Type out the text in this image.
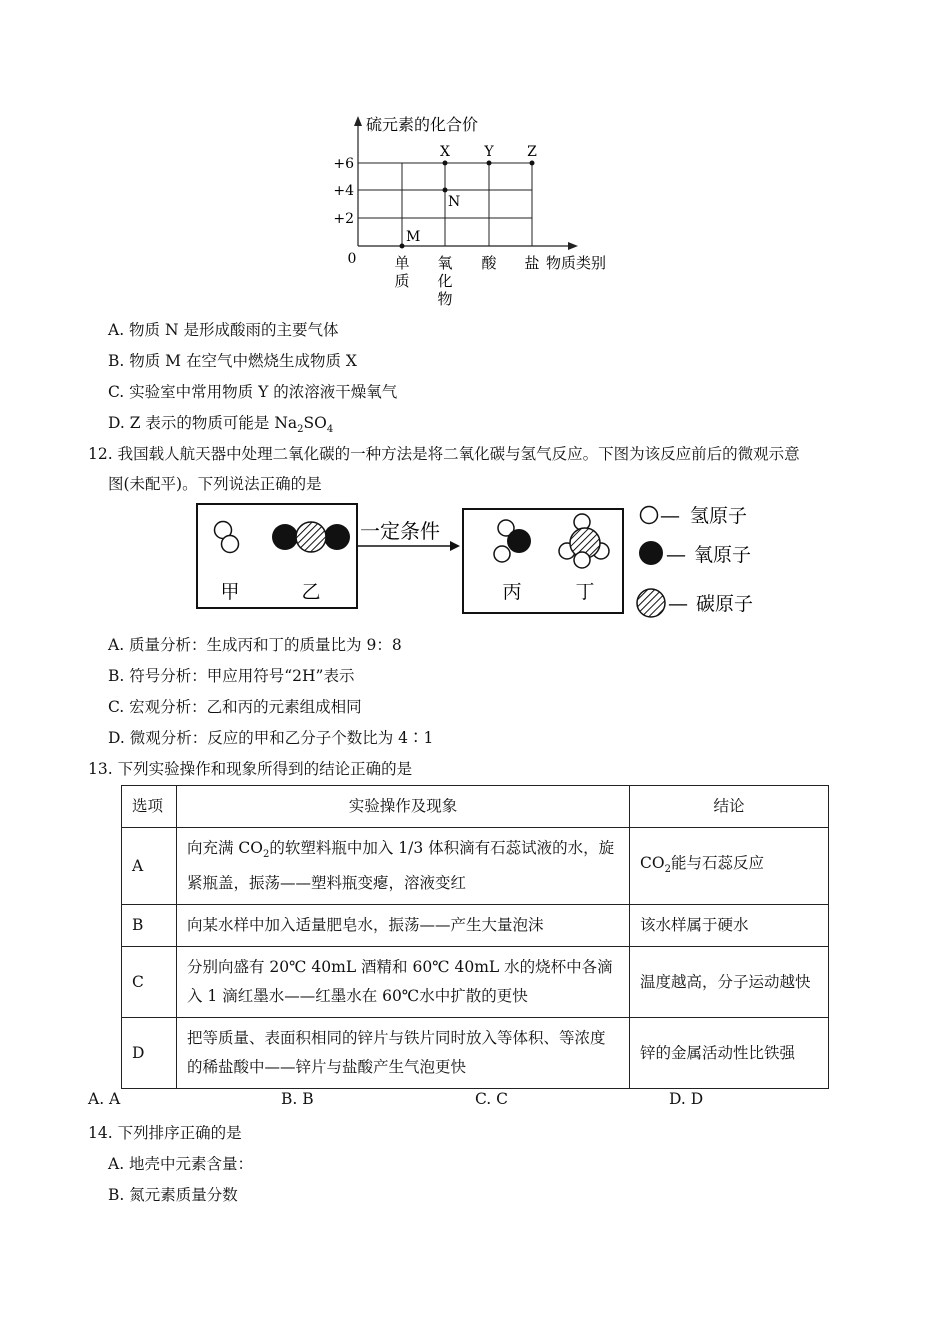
硫元素的化合价
+6
+4
+2
0	单
质
氧
化
物
酸 盐 物质类别
M
N
X Y Z
A. 物质 N 是形成酸雨的主要气体
B. 物质 M 在空气中燃烧生成物质 X
C. 实验室中常用物质 Y 的浓溶液干燥氧气
D. Z 表示的物质可能是 $Na_2SO_4$
12. 我国载人航天器中处理二氧化碳的一种方法是将二氧化碳与氢气反应。下图为该反应前后的微观示意
图(未配平)。下列说法正确的是
甲	乙
一定条件
丙	丁
— 氢原子
— 氧原子
— 碳原子
A. 质量分析：生成丙和丁的质量比为 9：8
B. 符号分析：甲应用符号“2H”表示
C. 宏观分析：乙和丙的元素组成相同
D. 微观分析：反应的甲和乙分子个数比为 4∶1
13. 下列实验操作和现象所得到的结论正确的是
选项	实验操作及现象	结论
A	向充满 $CO_2$的软塑料瓶中加入 1/3 体积滴有石蕊试液的水，旋紧瓶盖，振荡——塑料瓶变瘪，溶液变红	$CO_2$能与石蕊反应
B	向某水样中加入适量肥皂水，振荡——产生大量泡沫	该水样属于硬水
C	分别向盛有 20℃ 40mL 酒精和 60℃ 40mL 水的烧杯中各滴入 1 滴红墨水——红墨水在 60℃水中扩散的更快	温度越高，分子运动越快
D	把等质量、表面积相同的锌片与铁片同时放入等体积、等浓度的稀盐酸中——锌片与盐酸产生气泡更快	锌的金属活动性比铁强
A. A	B. B	C. C	D. D
14. 下列排序正确的是
A. 地壳中元素含量：
B. 氮元素质量分数
